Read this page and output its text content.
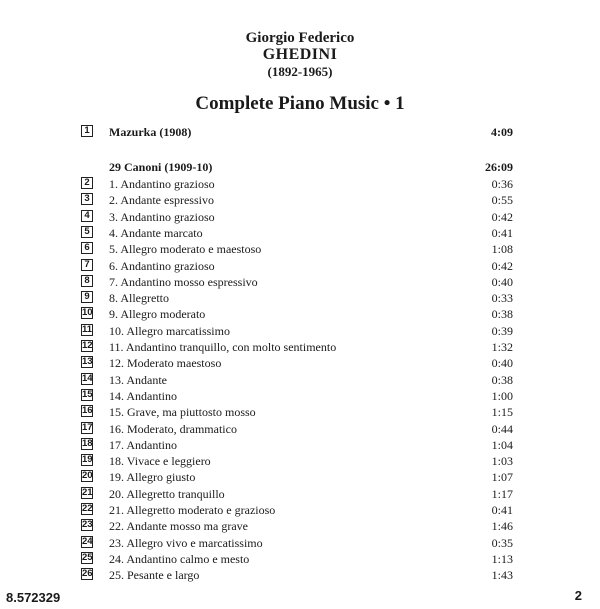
Giorgio Federico
GHEDINI
(1892-1965)
Complete Piano Music • 1
1 Mazurka (1908)	4:09
29 Canoni (1909-10)	26:09
2 1. Andantino grazioso	0:36
3 2. Andante espressivo	0:55
4 3. Andantino grazioso	0:42
5 4. Andante marcato	0:41
6 5. Allegro moderato e maestoso	1:08
7 6. Andantino grazioso	0:42
8 7. Andantino mosso espressivo	0:40
9 8. Allegretto	0:33
10 9. Allegro moderato	0:38
11 10. Allegro marcatissimo	0:39
12 11. Andantino tranquillo, con molto sentimento	1:32
13 12. Moderato maestoso	0:40
14 13. Andante	0:38
15 14. Andantino	1:00
16 15. Grave, ma piuttosto mosso	1:15
17 16. Moderato, drammatico	0:44
18 17. Andantino	1:04
19 18. Vivace e leggiero	1:03
20 19. Allegro giusto	1:07
21 20. Allegretto tranquillo	1:17
22 21. Allegretto moderato e grazioso	0:41
23 22. Andante mosso ma grave	1:46
24 23. Allegro vivo e marcatissimo	0:35
25 24. Andantino calmo e mesto	1:13
26 25. Pesante e largo	1:43
8.572329	2
